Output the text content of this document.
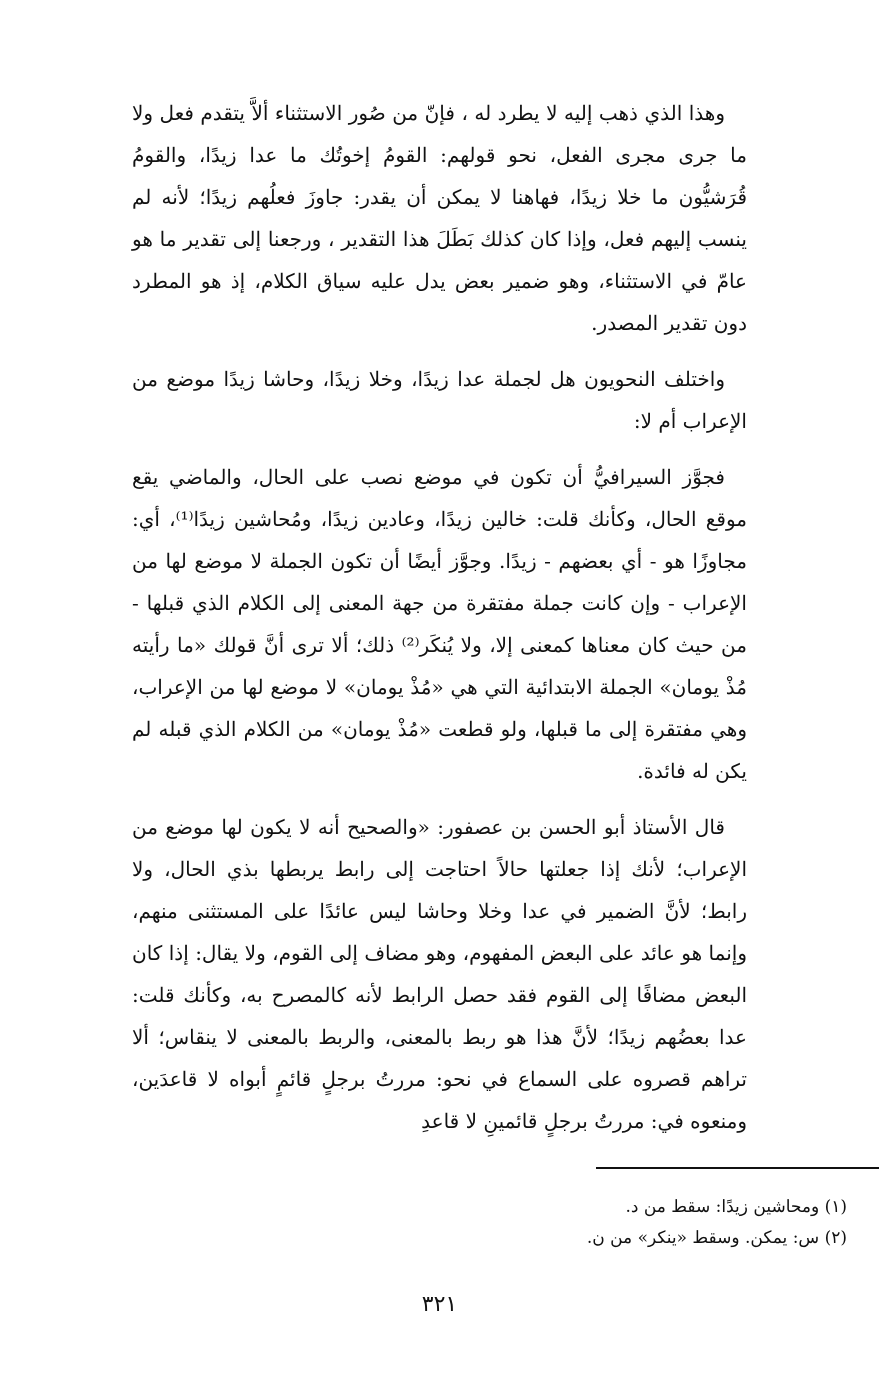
وهذا الذي ذهب إليه لا يطرد له ، فإنّ من صُور الاستثناء ألاَّ يتقدم فعل ولا ما جرى مجرى الفعل، نحو قولهم: القومُ إخوتُك ما عدا زيدًا، والقومُ قُرَشيُّون ما خلا زيدًا، فهاهنا لا يمكن أن يقدر: جاوزَ فعلُهم زيدًا؛ لأنه لم ينسب إليهم فعل، وإذا كان كذلك بَطَلَ هذا التقدير ، ورجعنا إلى تقدير ما هو عامّ في الاستثناء، وهو ضمير بعض يدل عليه سياق الكلام، إذ هو المطرد دون تقدير المصدر.

واختلف النحويون هل لجملة عدا زيدًا، وخلا زيدًا، وحاشا زيدًا موضع من الإعراب أم لا:

فجوَّز السيرافيُّ أن تكون في موضع نصب على الحال، والماضي يقع موقع الحال، وكأنك قلت: خالين زيدًا، وعادين زيدًا، ومُحاشين زيدًا⁽¹⁾، أي: مجاوزًا هو - أي بعضهم - زيدًا. وجوَّز أيضًا أن تكون الجملة لا موضع لها من الإعراب - وإن كانت جملة مفتقرة من جهة المعنى إلى الكلام الذي قبلها - من حيث كان معناها كمعنى إلا، ولا يُنكَر⁽²⁾ ذلك؛ ألا ترى أنَّ قولك «ما رأيته مُذْ يومان» الجملة الابتدائية التي هي «مُذْ يومان» لا موضع لها من الإعراب، وهي مفتقرة إلى ما قبلها، ولو قطعت «مُذْ يومان» من الكلام الذي قبله لم يكن له فائدة.

قال الأستاذ أبو الحسن بن عصفور: «والصحيح أنه لا يكون لها موضع من الإعراب؛ لأنك إذا جعلتها حالاً احتاجت إلى رابط يربطها بذي الحال، ولا رابط؛ لأنَّ الضمير في عدا وخلا وحاشا ليس عائدًا على المستثنى منهم، وإنما هو عائد على البعض المفهوم، وهو مضاف إلى القوم، ولا يقال: إذا كان البعض مضافًا إلى القوم فقد حصل الرابط لأنه كالمصرح به، وكأنك قلت: عدا بعضُهم زيدًا؛ لأنَّ هذا هو ربط بالمعنى، والربط بالمعنى لا ينقاس؛ ألا تراهم قصروه على السماع في نحو: مررتُ برجلٍ قائمٍ أبواه لا قاعدَين، ومنعوه في: مررتُ برجلٍ قائمينِ لا قاعدِ

(١) ومحاشين زيدًا: سقط من د.

(٢) س: يمكن. وسقط «ينكر» من ن.

٣٢١
